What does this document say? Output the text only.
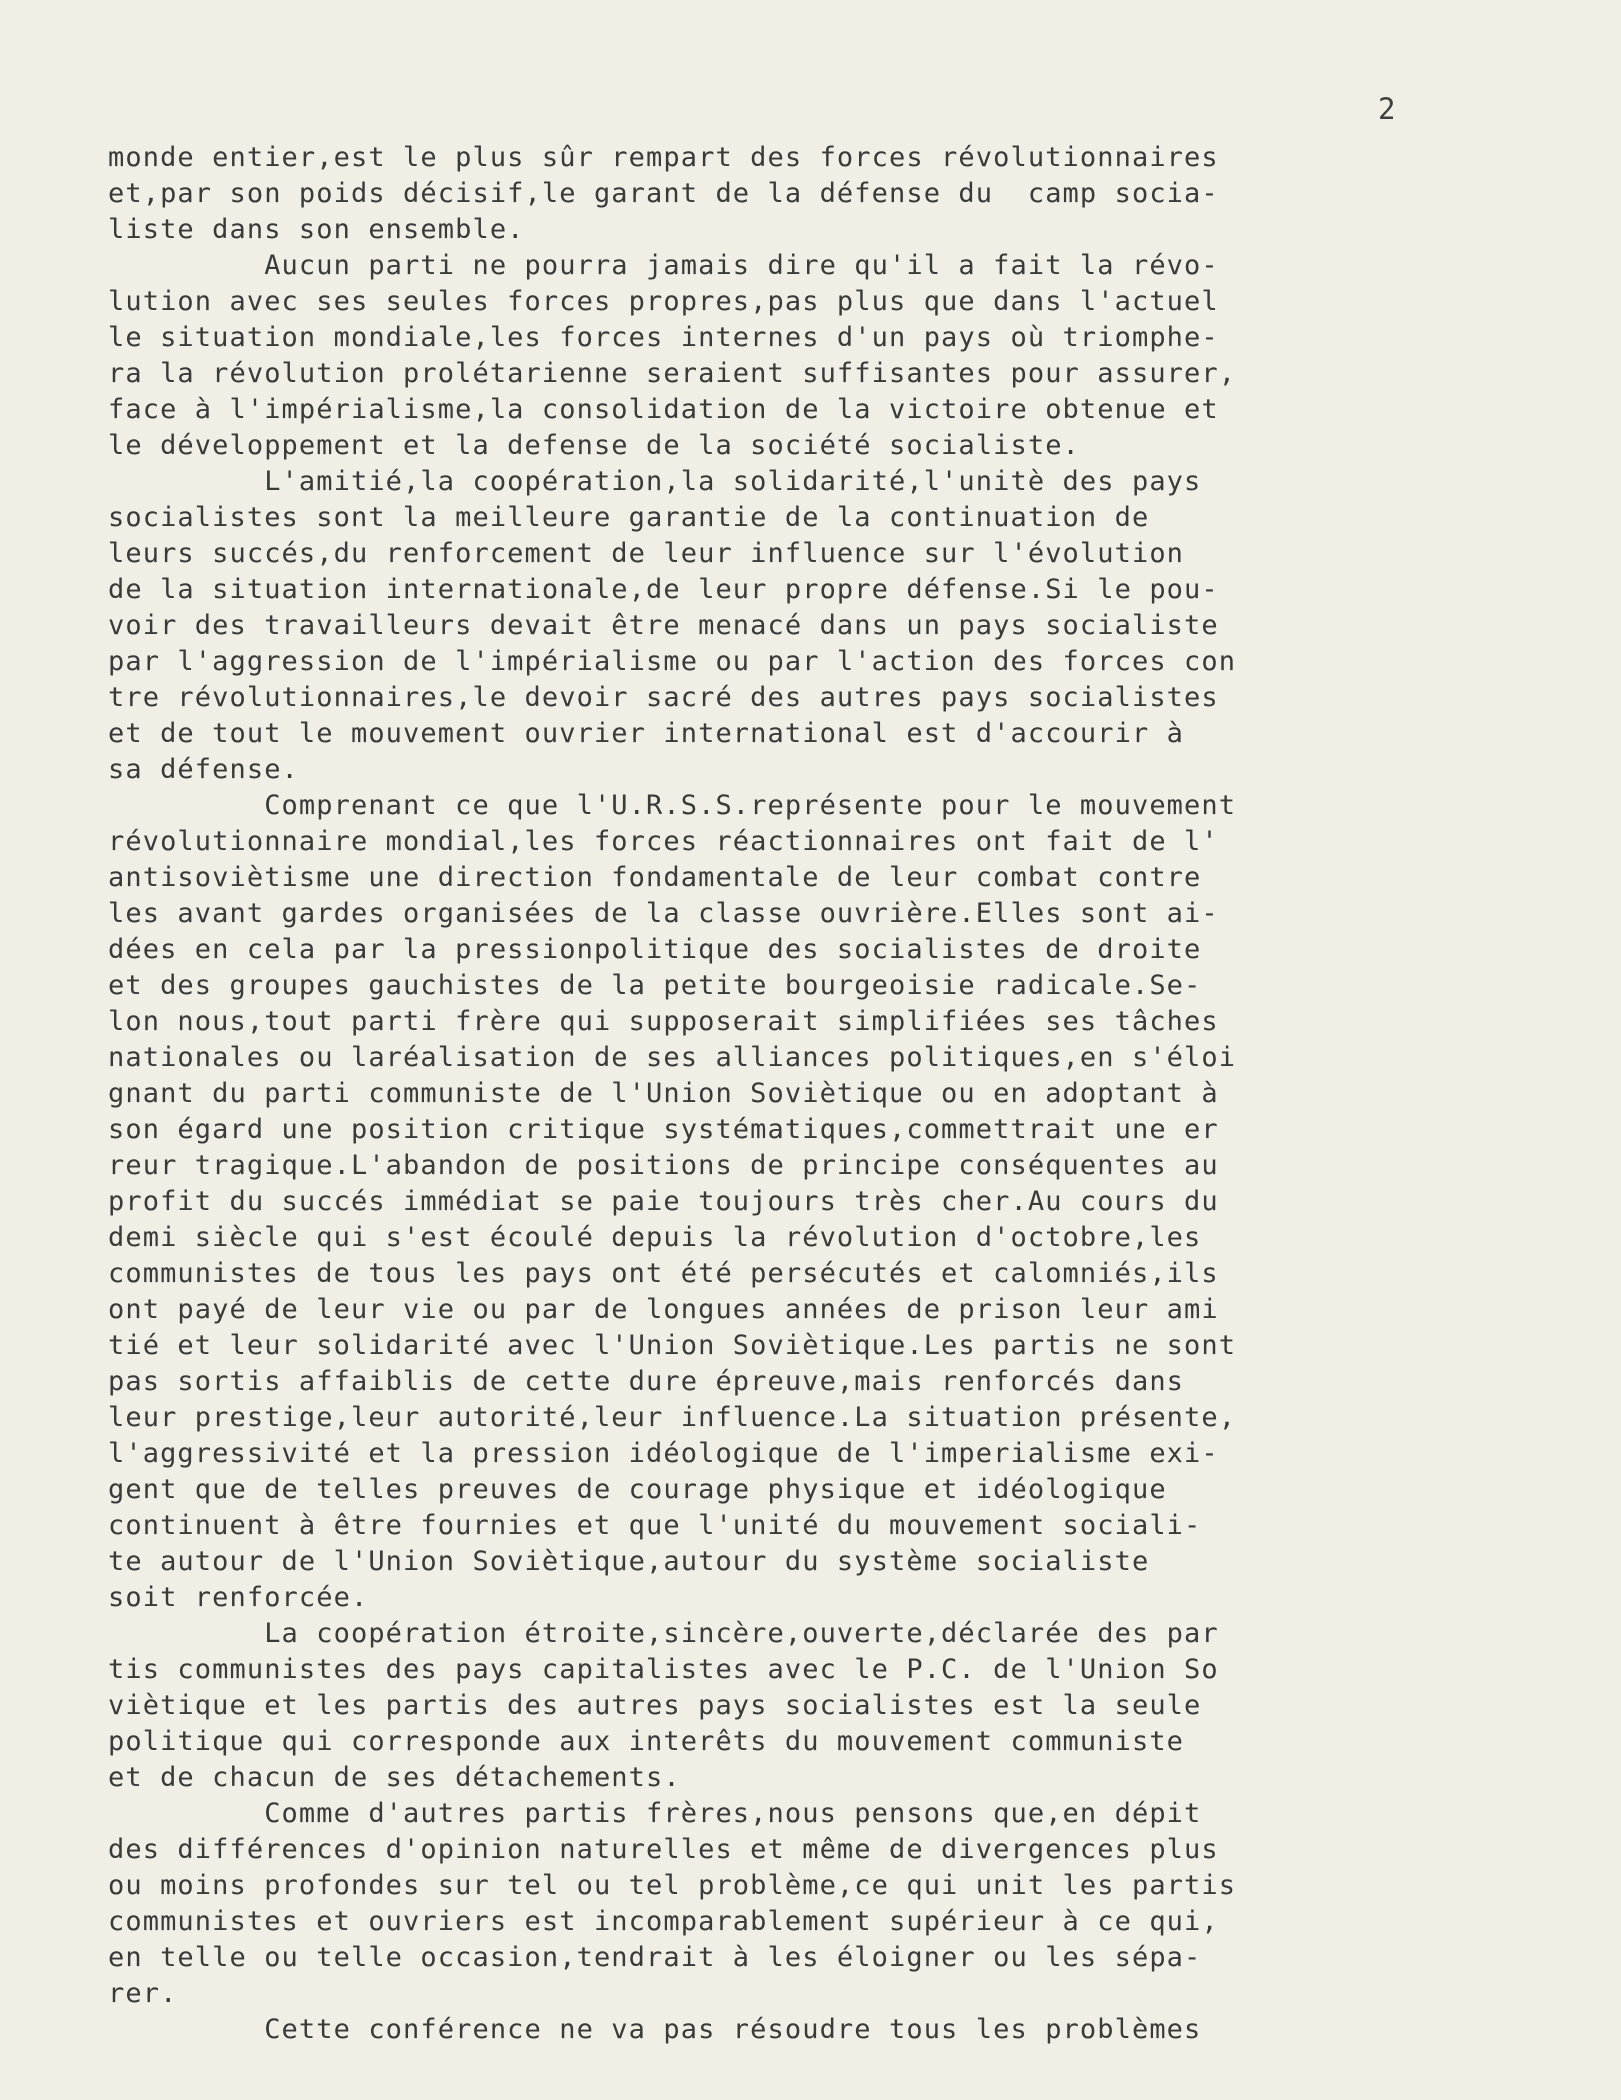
2
monde entier,est le plus sûr rempart des forces révolutionnaires
et,par son poids décisif,le garant de la défense du  camp socia-
liste dans son ensemble.
Aucun parti ne pourra jamais dire qu'il a fait la révo-
lution avec ses seules forces propres,pas plus que dans l'actuel
le situation mondiale,les forces internes d'un pays où triomphe-
ra la révolution prolétarienne seraient suffisantes pour assurer,
face à l'impérialisme,la consolidation de la victoire obtenue et
le développement et la defense de la société socialiste.
L'amitié,la coopération,la solidarité,l'unitè des pays
socialistes sont la meilleure garantie de la continuation de
leurs succés,du renforcement de leur influence sur l'évolution
de la situation internationale,de leur propre défense.Si le pou-
voir des travailleurs devait être menacé dans un pays socialiste
par l'aggression de l'impérialisme ou par l'action des forces con
tre révolutionnaires,le devoir sacré des autres pays socialistes
et de tout le mouvement ouvrier international est d'accourir à
sa défense.
Comprenant ce que l'U.R.S.S.représente pour le mouvement
révolutionnaire mondial,les forces réactionnaires ont fait de l'
antisoviètisme une direction fondamentale de leur combat contre
les avant gardes organisées de la classe ouvrière.Elles sont ai-
dées en cela par la pressionpolitique des socialistes de droite
et des groupes gauchistes de la petite bourgeoisie radicale.Se-
lon nous,tout parti frère qui supposerait simplifiées ses tâches
nationales ou laréalisation de ses alliances politiques,en s'éloi
gnant du parti communiste de l'Union Soviètique ou en adoptant à
son égard une position critique systématiques,commettrait une er
reur tragique.L'abandon de positions de principe conséquentes au
profit du succés immédiat se paie toujours très cher.Au cours du
demi siècle qui s'est écoulé depuis la révolution d'octobre,les
communistes de tous les pays ont été persécutés et calomniés,ils
ont payé de leur vie ou par de longues années de prison leur ami
tié et leur solidarité avec l'Union Soviètique.Les partis ne sont
pas sortis affaiblis de cette dure épreuve,mais renforcés dans
leur prestige,leur autorité,leur influence.La situation présente,
l'aggressivité et la pression idéologique de l'imperialisme exi-
gent que de telles preuves de courage physique et idéologique
continuent à être fournies et que l'unité du mouvement sociali-
te autour de l'Union Soviètique,autour du système socialiste
soit renforcée.
La coopération étroite,sincère,ouverte,déclarée des par
tis communistes des pays capitalistes avec le P.C. de l'Union So
viètique et les partis des autres pays socialistes est la seule
politique qui corresponde aux interêts du mouvement communiste
et de chacun de ses détachements.
Comme d'autres partis frères,nous pensons que,en dépit
des différences d'opinion naturelles et même de divergences plus
ou moins profondes sur tel ou tel problème,ce qui unit les partis
communistes et ouvriers est incomparablement supérieur à ce qui,
en telle ou telle occasion,tendrait à les éloigner ou les sépa-
rer.
Cette conférence ne va pas résoudre tous les problèmes
